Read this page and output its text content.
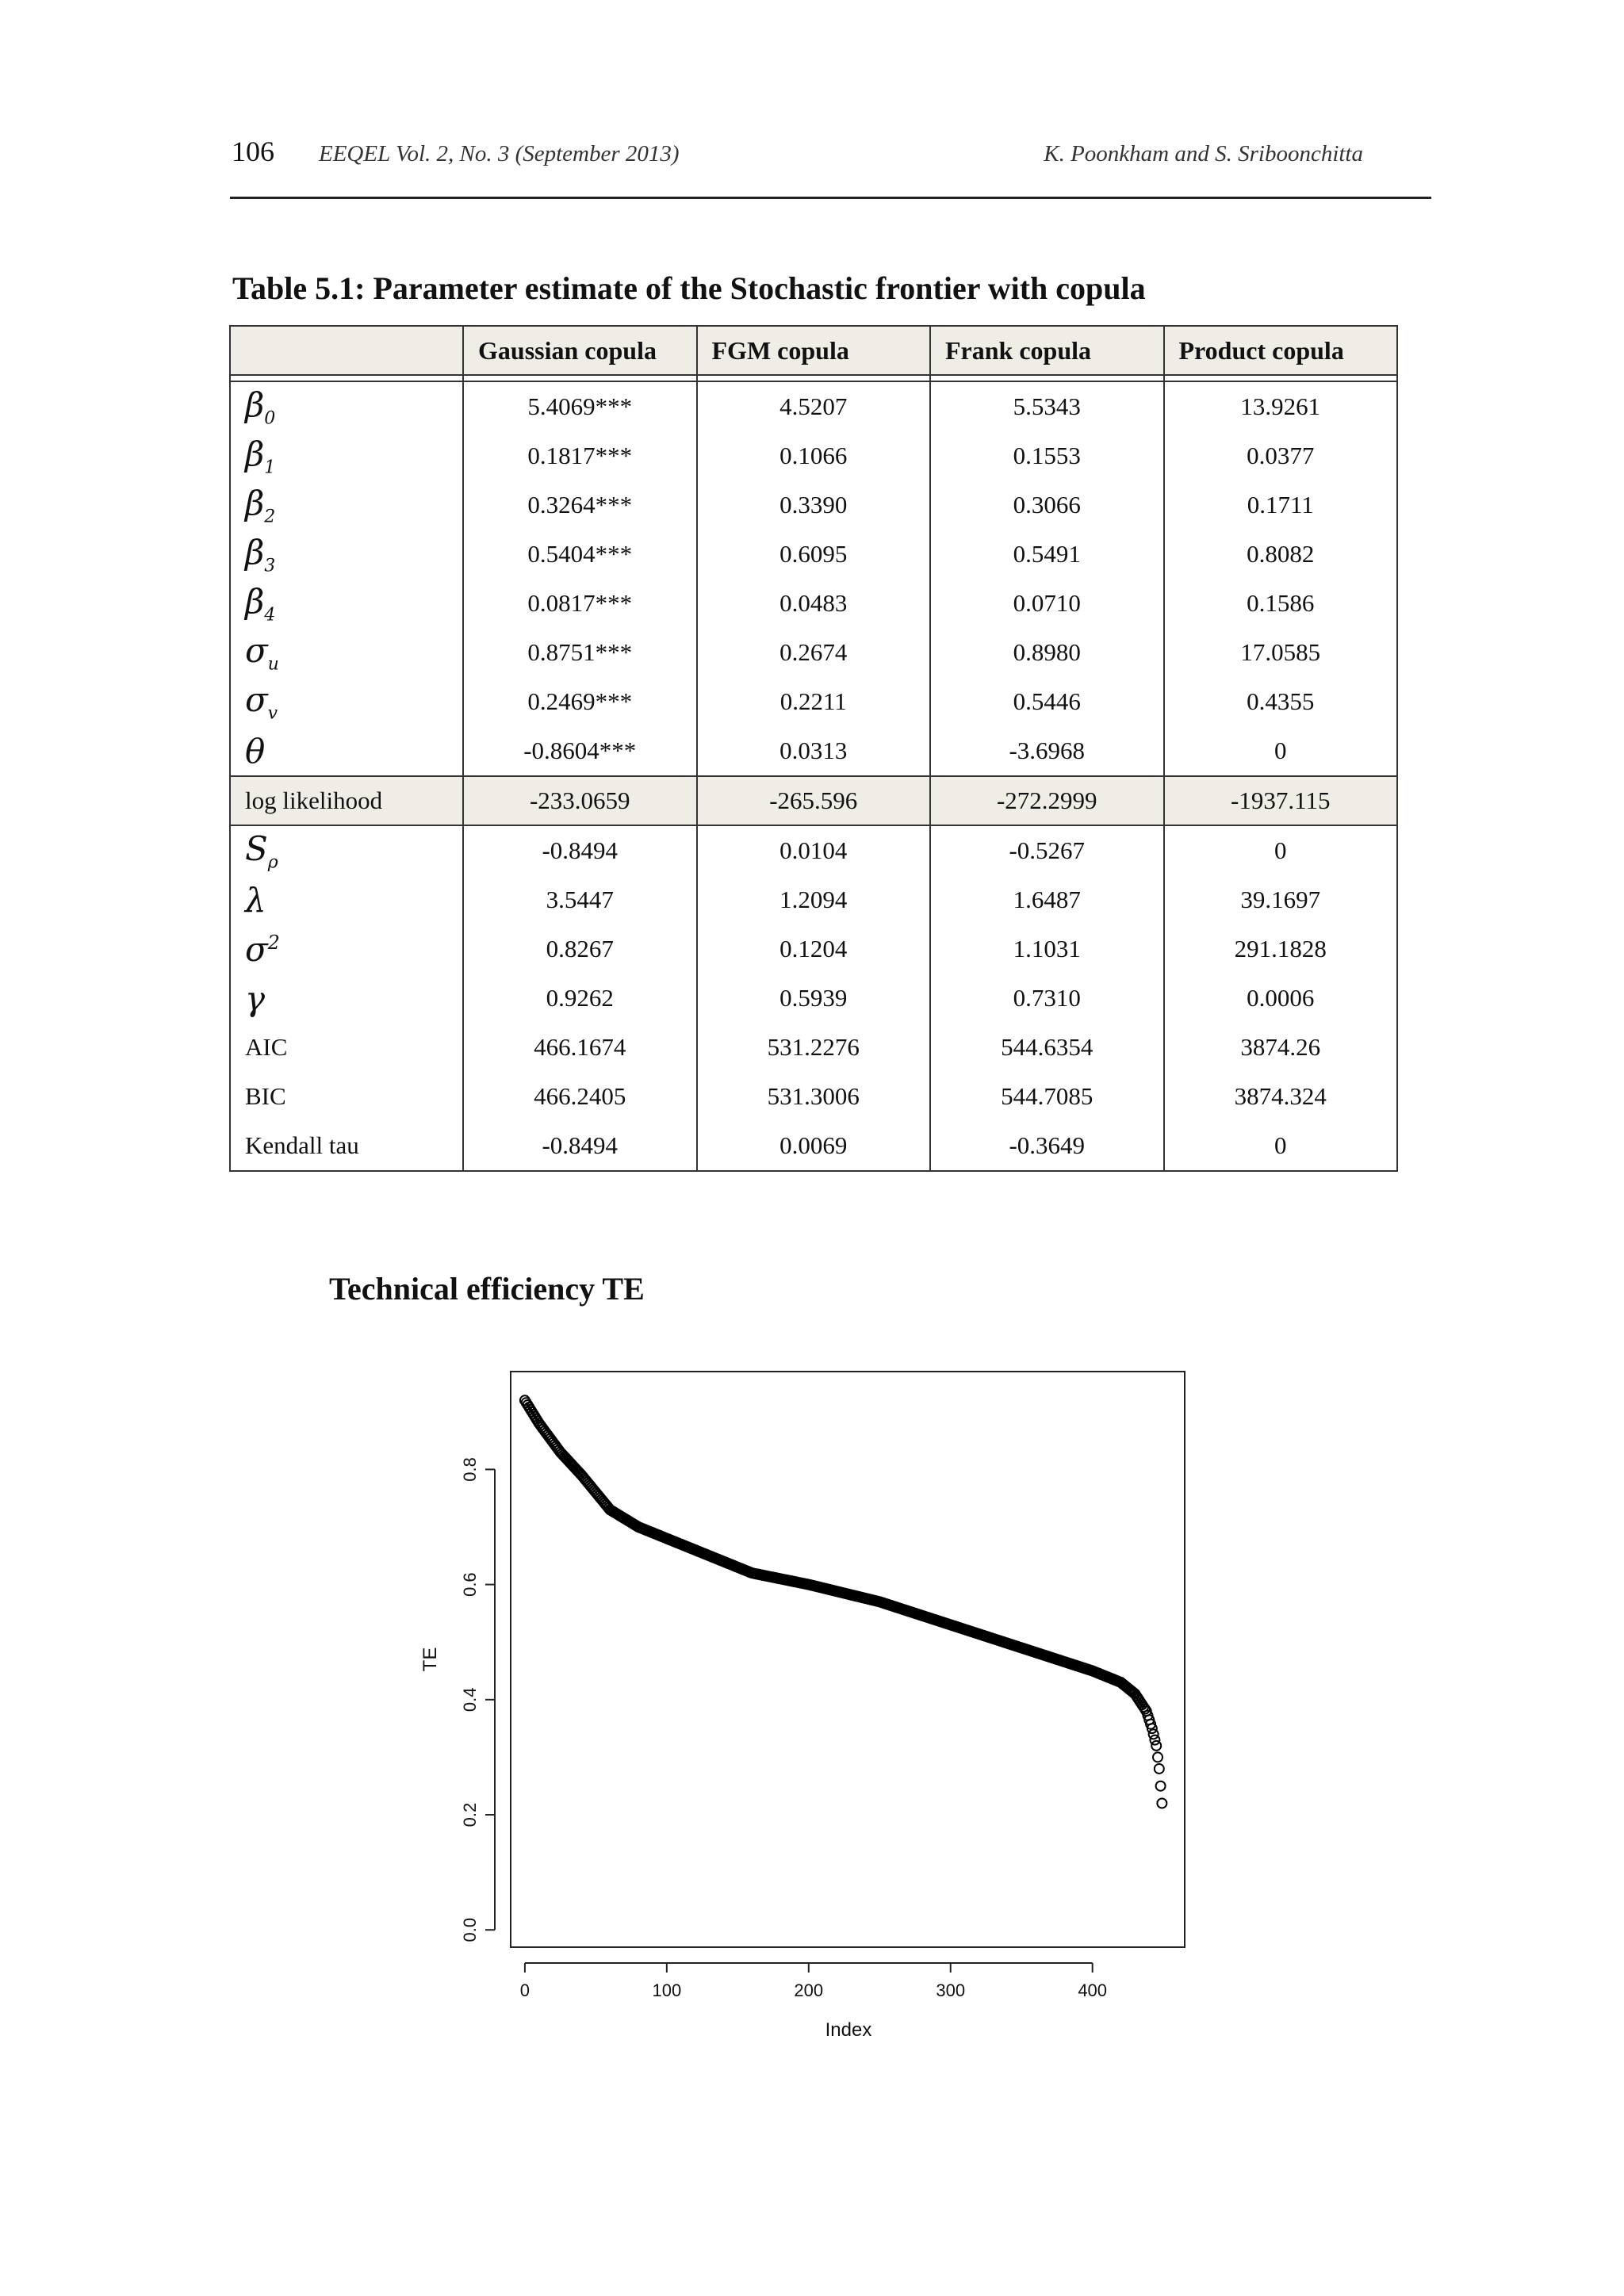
106 EEQEL Vol. 2, No. 3 (September 2013)	K. Poonkham and S. Sriboonchitta
Table 5.1: Parameter estimate of the Stochastic frontier with copula
	Gaussian copula	FGM copula	Frank copula	Product copula

$\beta_0$	5.4069***	4.5207	5.5343	13.9261
$\beta_1$	0.1817***	0.1066	0.1553	0.0377
$\beta_2$	0.3264***	0.3390	0.3066	0.1711
$\beta_3$	0.5404***	0.6095	0.5491	0.8082
$\beta_4$	0.0817***	0.0483	0.0710	0.1586
$\sigma_u$	0.8751***	0.2674	0.8980	17.0585
$\sigma_v$	0.2469***	0.2211	0.5446	0.4355
θ	-0.8604***	0.0313	-3.6968	0
log likelihood	-233.0659	-265.596	-272.2999	-1937.115
$S_\rho$	-0.8494	0.0104	-0.5267	0
λ	3.5447	1.2094	1.6487	39.1697
$\sigma^2$	0.8267	0.1204	1.1031	291.1828
γ	0.9262	0.5939	0.7310	0.0006
AIC	466.1674	531.2276	544.6354	3874.26
BIC	466.2405	531.3006	544.7085	3874.324
Kendall tau	-0.8494	0.0069	-0.3649	0
Technical efficiency TE
0	100	200	300	400
0.0
0.2
0.4
0.6
0.8
Index
TE
